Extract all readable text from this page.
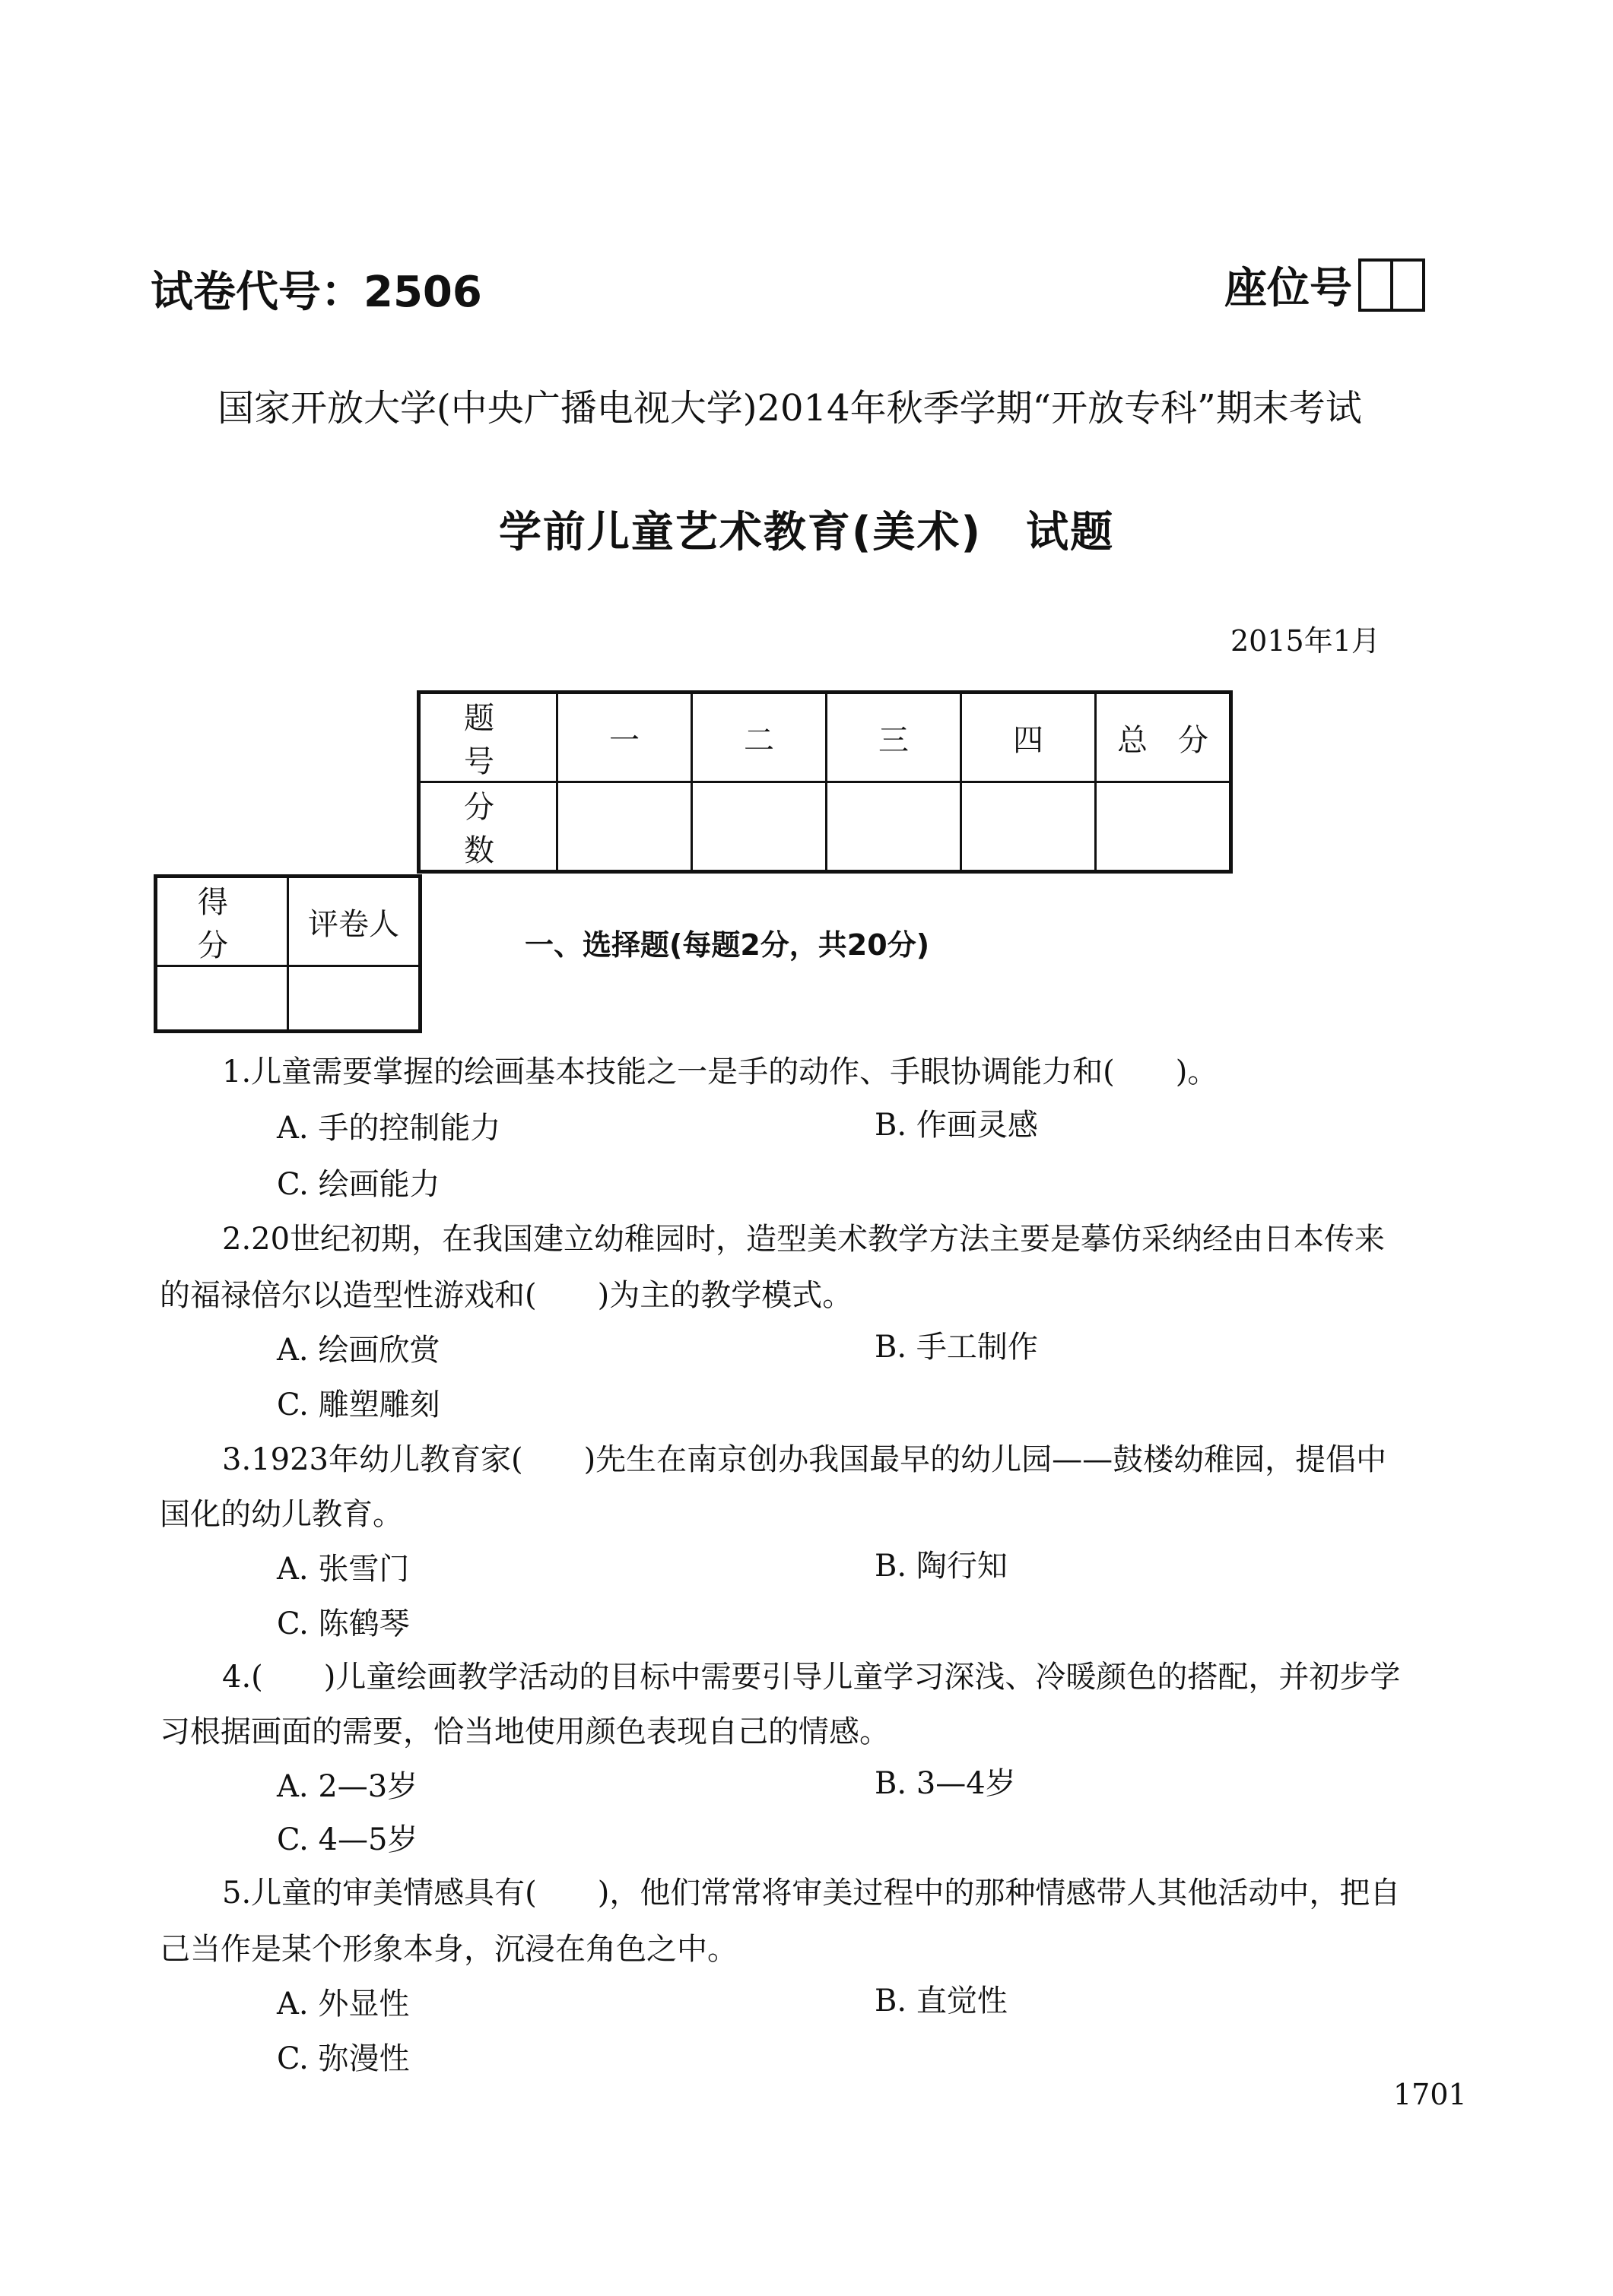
试卷代号：2506	座位号
国家开放大学(中央广播电视大学)2014年秋季学期“开放专科”期末考试
学前儿童艺术教育(美术)　试题
2015年1月
题　号	一	二	三	四	总　分
分　数					
得　分	评卷人

一、选择题(每题2分，共20分)
1.儿童需要掌握的绘画基本技能之一是手的动作、手眼协调能力和(　　)。
A. 手的控制能力	B. 作画灵感
C. 绘画能力
2.20世纪初期，在我国建立幼稚园时，造型美术教学方法主要是摹仿采纳经由日本传来
的福禄倍尔以造型性游戏和(　　)为主的教学模式。
A. 绘画欣赏	B. 手工制作
C. 雕塑雕刻
3.1923年幼儿教育家(　　)先生在南京创办我国最早的幼儿园——鼓楼幼稚园，提倡中
国化的幼儿教育。
A. 张雪门	B. 陶行知
C. 陈鹤琴
4.(　　)儿童绘画教学活动的目标中需要引导儿童学习深浅、冷暖颜色的搭配，并初步学
习根据画面的需要，恰当地使用颜色表现自己的情感。
A. 2—3岁	B. 3—4岁
C. 4—5岁
5.儿童的审美情感具有(　　)，他们常常将审美过程中的那种情感带人其他活动中，把自
己当作是某个形象本身，沉浸在角色之中。
A. 外显性	B. 直觉性
C. 弥漫性
1701
